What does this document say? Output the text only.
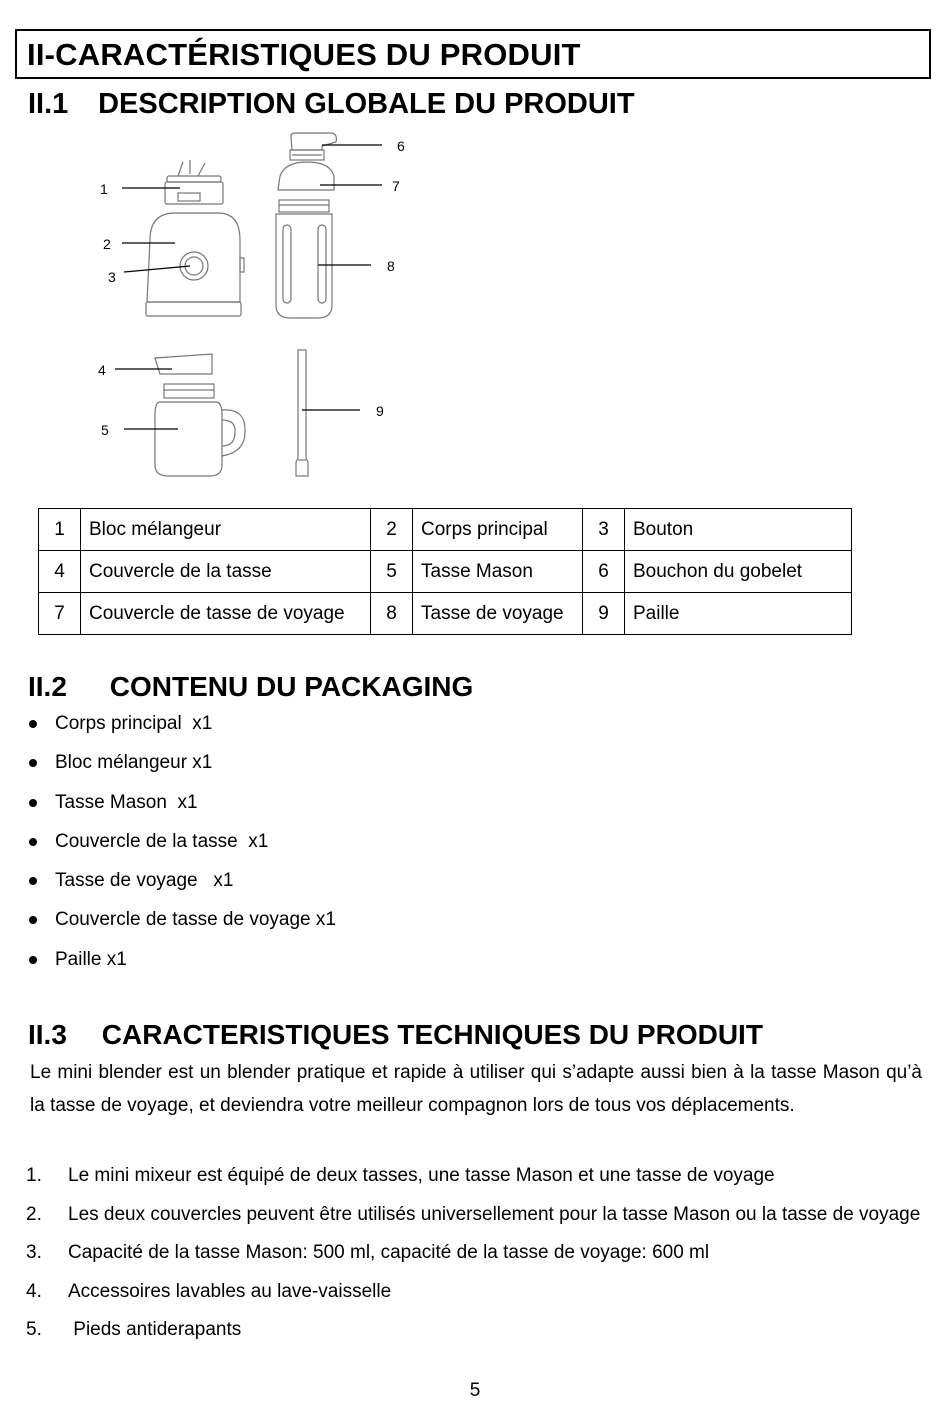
II-CARACTÉRISTIQUES DU PRODUIT
II.1 DESCRIPTION GLOBALE DU PRODUIT
1
2
3
4
5
6
7
8
9
1	Bloc mélangeur	2	Corps principal	3	Bouton
4	Couvercle de la tasse	5	Tasse Mason	6	Bouchon du gobelet
7	Couvercle de tasse de voyage	8	Tasse de voyage	9	Paille
II.2 CONTENU DU PACKAGING
Corps principal  x1
Bloc mélangeur x1
Tasse Mason  x1
Couvercle de la tasse  x1
Tasse de voyage   x1
Couvercle de tasse de voyage x1
Paille x1
II.3 CARACTERISTIQUES TECHNIQUES DU PRODUIT

Le mini blender est un blender pratique et rapide à utiliser qui s’adapte aussi bien à la tasse Mason qu’à la tasse de voyage, et deviendra votre meilleur compagnon lors de tous vos déplacements.

1. Le mini mixeur est équipé de deux tasses, une tasse Mason et une tasse de voyage
2. Les deux couvercles peuvent être utilisés universellement pour la tasse Mason ou la tasse de voyage
3. Capacité de la tasse Mason: 500 ml, capacité de la tasse de voyage: 600 ml
4. Accessoires lavables au lave-vaisselle
5. Pieds antiderapants
5
